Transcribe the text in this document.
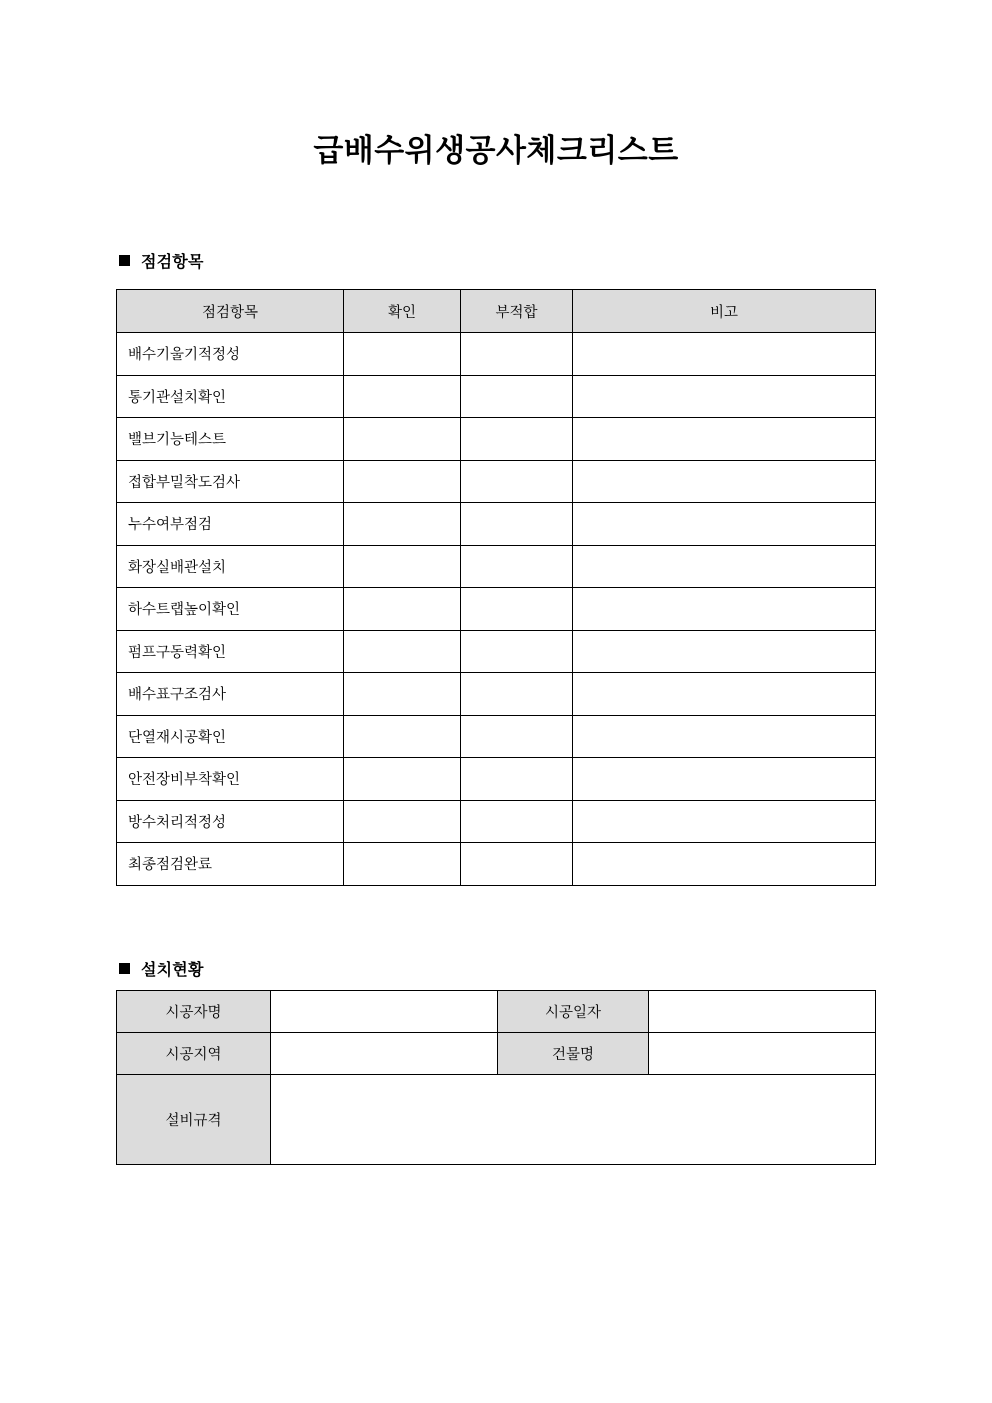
급배수위생공사체크리스트
점검항목
점검항목	확인	부적합	비고
배수기울기적정성			
통기관설치확인			
밸브기능테스트			
접합부밀착도검사			
누수여부점검			
화장실배관설치			
하수트랩높이확인			
펌프구동력확인			
배수표구조검사			
단열재시공확인			
안전장비부착확인			
방수처리적정성			
최종점검완료			
설치현황
시공자명		시공일자	
시공지역		건물명	
설비규격			
